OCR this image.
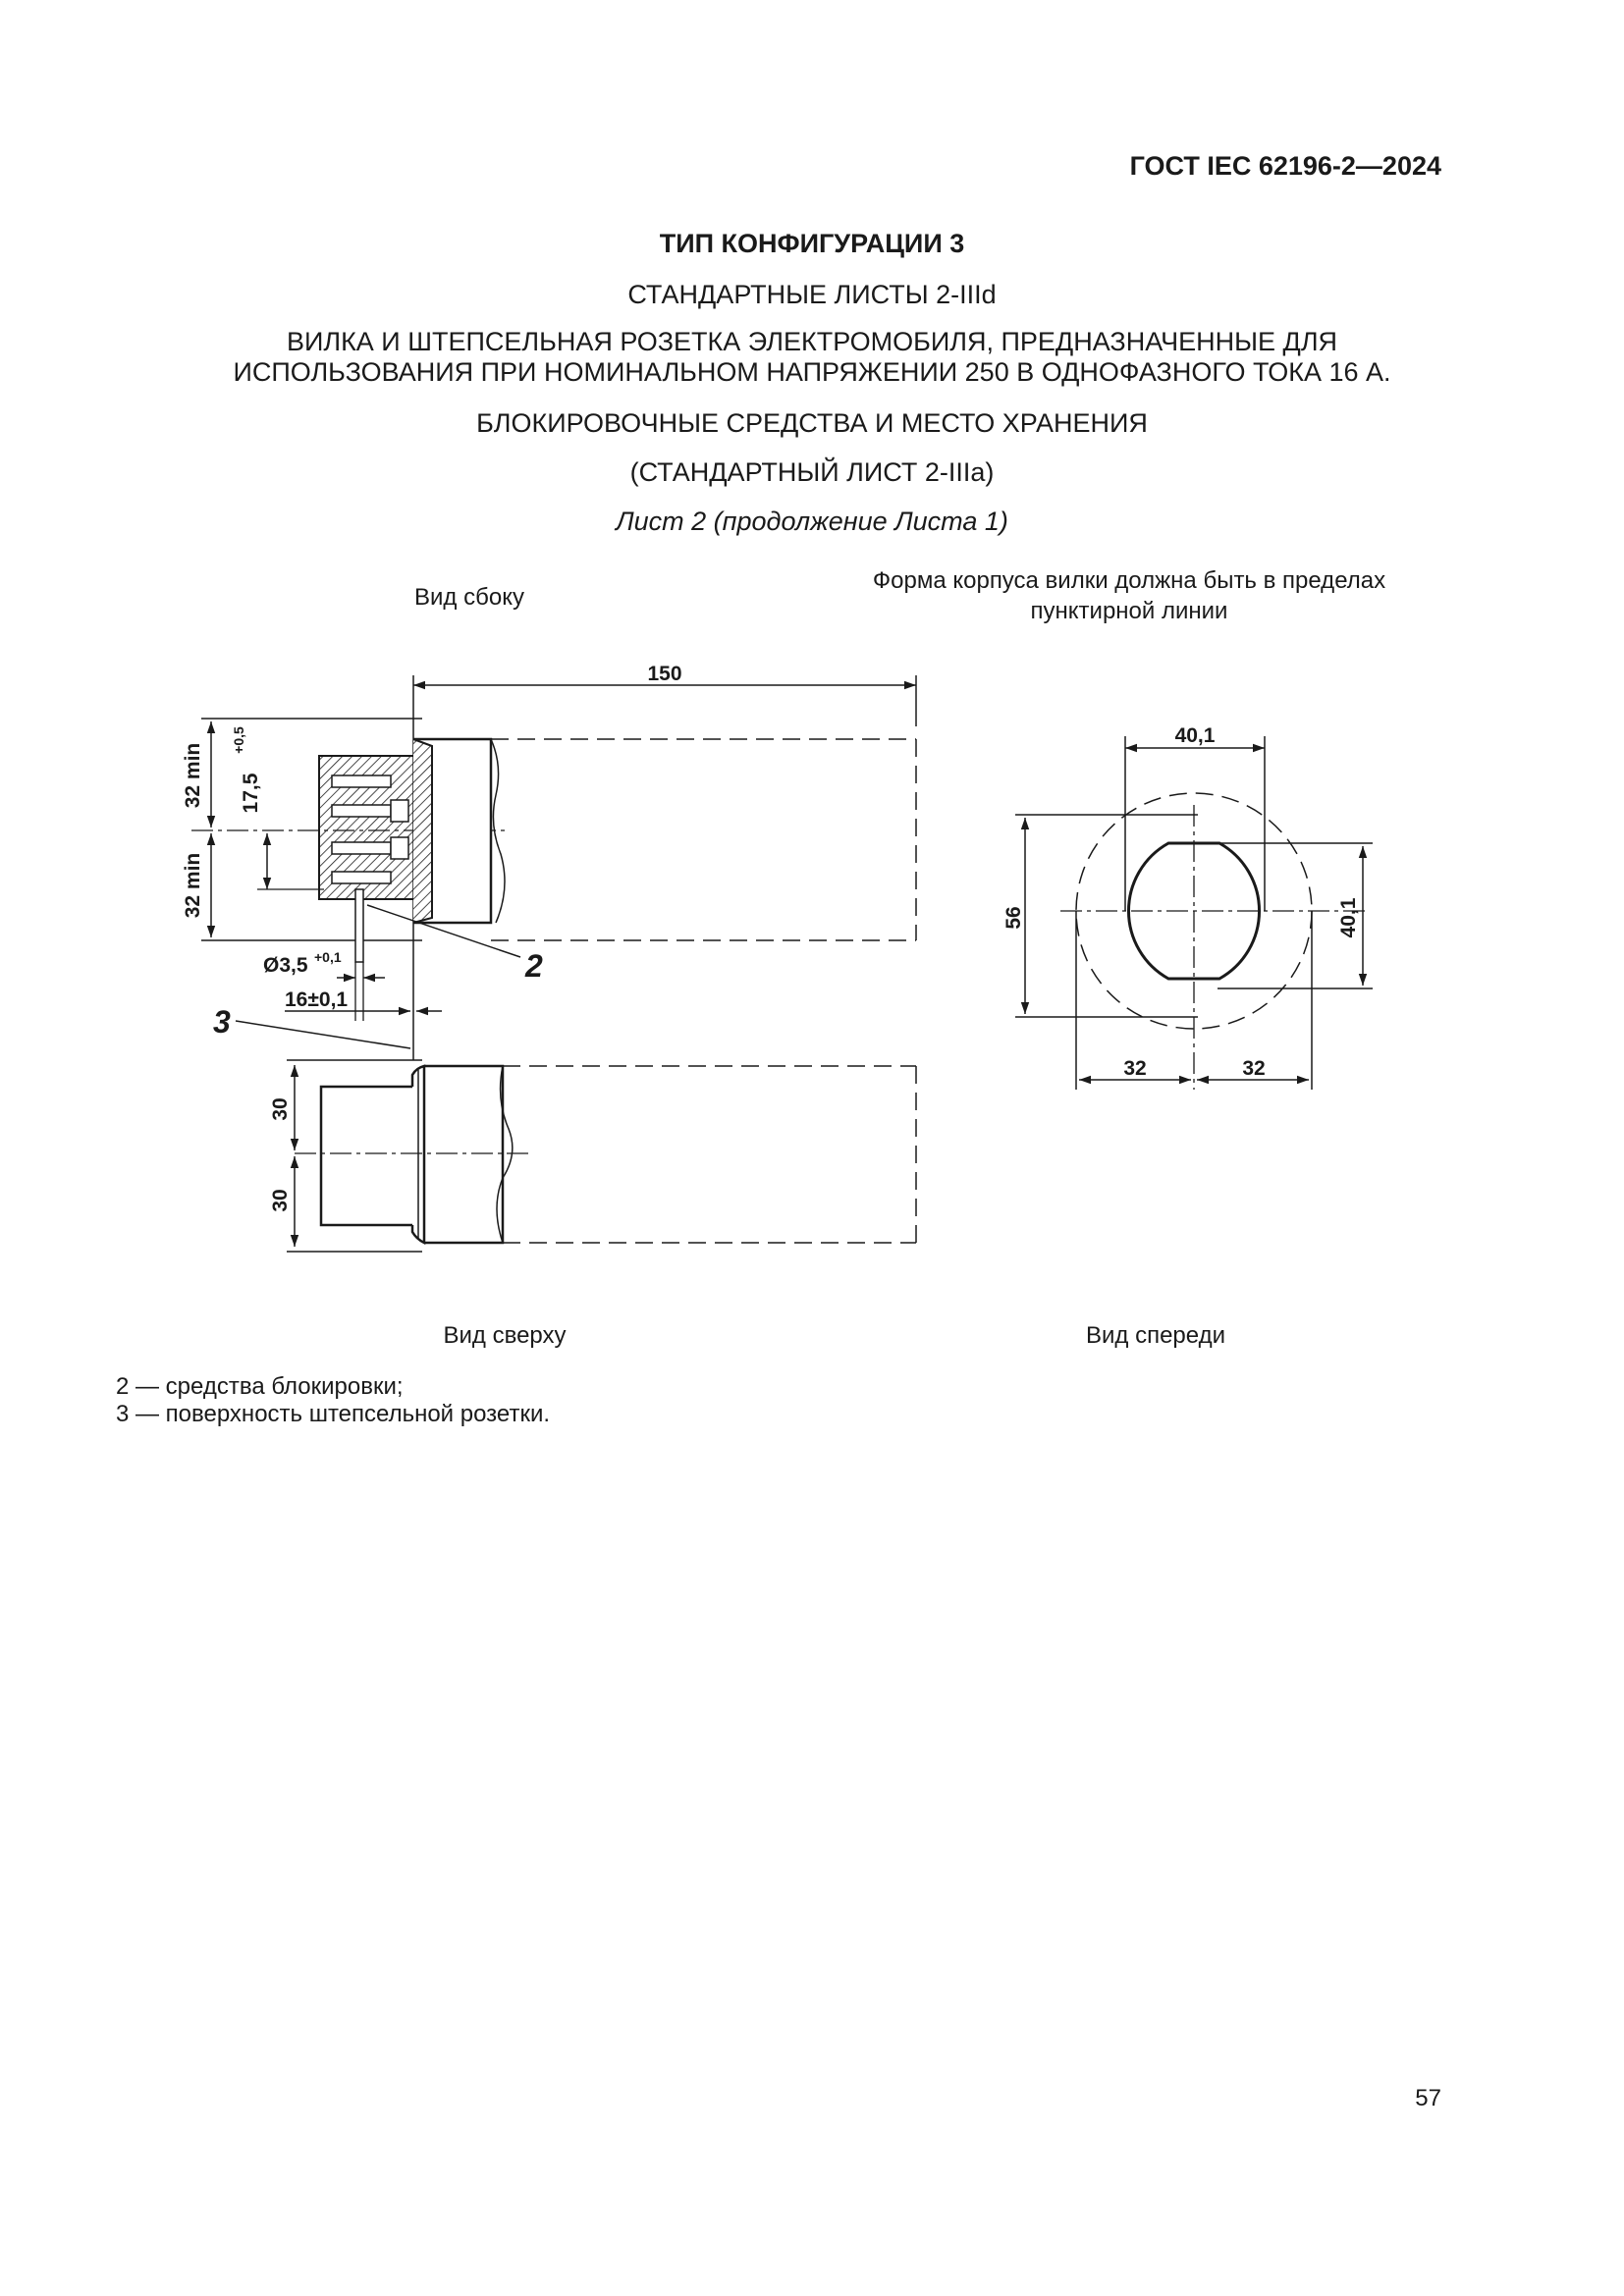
ГОСТ IEC 62196-2—2024
ТИП КОНФИГУРАЦИИ 3
СТАНДАРТНЫЕ ЛИСТЫ 2-IIId
ВИЛКА И ШТЕПСЕЛЬНАЯ РОЗЕТКА ЭЛЕКТРОМОБИЛЯ, ПРЕДНАЗНАЧЕННЫЕ ДЛЯ
ИСПОЛЬЗОВАНИЯ ПРИ НОМИНАЛЬНОМ НАПРЯЖЕНИИ 250 В ОДНОФАЗНОГО ТОКА 16 А.
БЛОКИРОВОЧНЫЕ СРЕДСТВА И МЕСТО ХРАНЕНИЯ
(СТАНДАРТНЫЙ ЛИСТ 2-IIIa)
Лист 2 (продолжение Листа 1)
Вид сбоку
Форма корпуса вилки должна быть в пределах
пунктирной линии
150
32 min
32 min
17,5
+0,5
Ø3,5 +0,1
16±0,1
30
30
40,1
40,1
56
32	32
2
3
Вид сверху	Вид спереди
2 — средства блокировки;
3 — поверхность штепсельной розетки.
57
